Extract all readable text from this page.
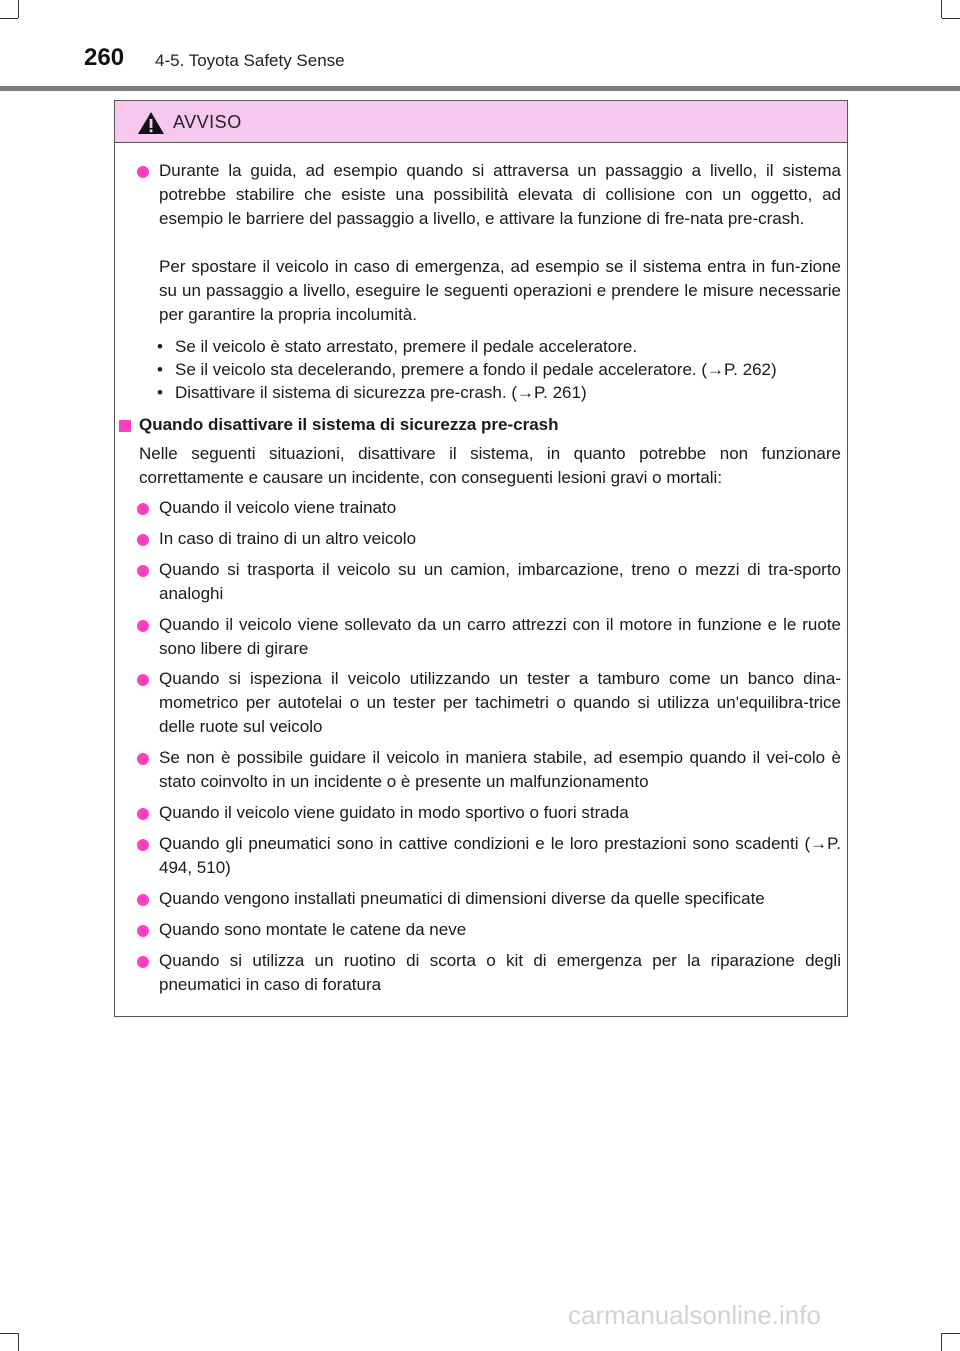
260 4-5. Toyota Safety Sense
AVVISO
Durante la guida, ad esempio quando si attraversa un passaggio a livello, il sistema potrebbe stabilire che esiste una possibilità elevata di collisione con un oggetto, ad esempio le barriere del passaggio a livello, e attivare la funzione di fre-nata pre-crash.
Per spostare il veicolo in caso di emergenza, ad esempio se il sistema entra in fun-zione su un passaggio a livello, eseguire le seguenti operazioni e prendere le misure necessarie per garantire la propria incolumità.
• Se il veicolo è stato arrestato, premere il pedale acceleratore.
• Se il veicolo sta decelerando, premere a fondo il pedale acceleratore. (→P. 262)
• Disattivare il sistema di sicurezza pre-crash. (→P. 261)
Quando disattivare il sistema di sicurezza pre-crash
Nelle seguenti situazioni, disattivare il sistema, in quanto potrebbe non funzionare correttamente e causare un incidente, con conseguenti lesioni gravi o mortali:
Quando il veicolo viene trainato
In caso di traino di un altro veicolo
Quando si trasporta il veicolo su un camion, imbarcazione, treno o mezzi di tra-sporto analoghi
Quando il veicolo viene sollevato da un carro attrezzi con il motore in funzione e le ruote sono libere di girare
Quando si ispeziona il veicolo utilizzando un tester a tamburo come un banco dina-mometrico per autotelai o un tester per tachimetri o quando si utilizza un'equilibra-trice delle ruote sul veicolo
Se non è possibile guidare il veicolo in maniera stabile, ad esempio quando il vei-colo è stato coinvolto in un incidente o è presente un malfunzionamento
Quando il veicolo viene guidato in modo sportivo o fuori strada
Quando gli pneumatici sono in cattive condizioni e le loro prestazioni sono scadenti (→P. 494, 510)
Quando vengono installati pneumatici di dimensioni diverse da quelle specificate
Quando sono montate le catene da neve
Quando si utilizza un ruotino di scorta o kit di emergenza per la riparazione degli pneumatici in caso di foratura
carmanualsonline.info
